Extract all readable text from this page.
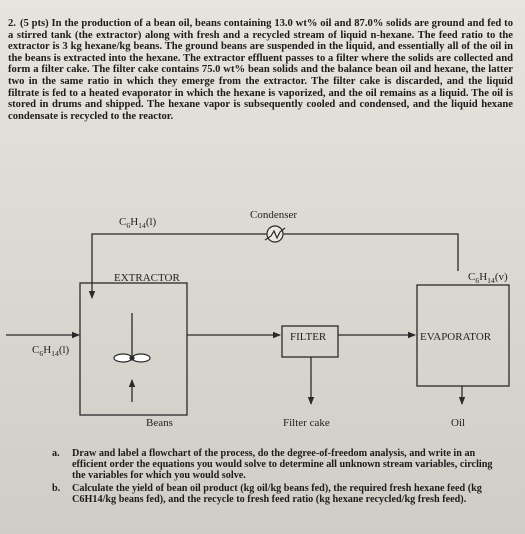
2. (5 pts) In the production of a bean oil, beans containing 13.0 wt% oil and 87.0% solids are ground and fed to a stirred tank (the extractor) along with fresh and a recycled stream of liquid n-hexane. The feed ratio to the extractor is 3 kg hexane/kg beans. The ground beans are suspended in the liquid, and essentially all of the oil in the beans is extracted into the hexane. The extractor effluent passes to a filter where the solids are collected and form a filter cake. The filter cake contains 75.0 wt% bean solids and the balance bean oil and hexane, the latter two in the same ratio in which they emerge from the extractor. The filter cake is discarded, and the liquid filtrate is fed to a heated evaporator in which the hexane is vaporized, and the oil remains as a liquid. The oil is stored in drums and shipped. The hexane vapor is subsequently cooled and condensed, and the liquid hexane condensate is recycled to the reactor.
$C_6H_{14}(l)$
Condenser
EXTRACTOR	$C_6H_{14}(v)$
$C_6H_{14}(l)$
FILTER	EVAPORATOR
Beans	Filter cake	Oil
a.	Draw and label a flowchart of the process, do the degree-of-freedom analysis, and write in an efficient order the equations you would solve to determine all unknown stream variables, circling the variables for which you would solve.
b.	Calculate the yield of bean oil product (kg oil/kg beans fed), the required fresh hexane feed (kg C6H14/kg beans fed), and the recycle to fresh feed ratio (kg hexane recycled/kg fresh feed).
